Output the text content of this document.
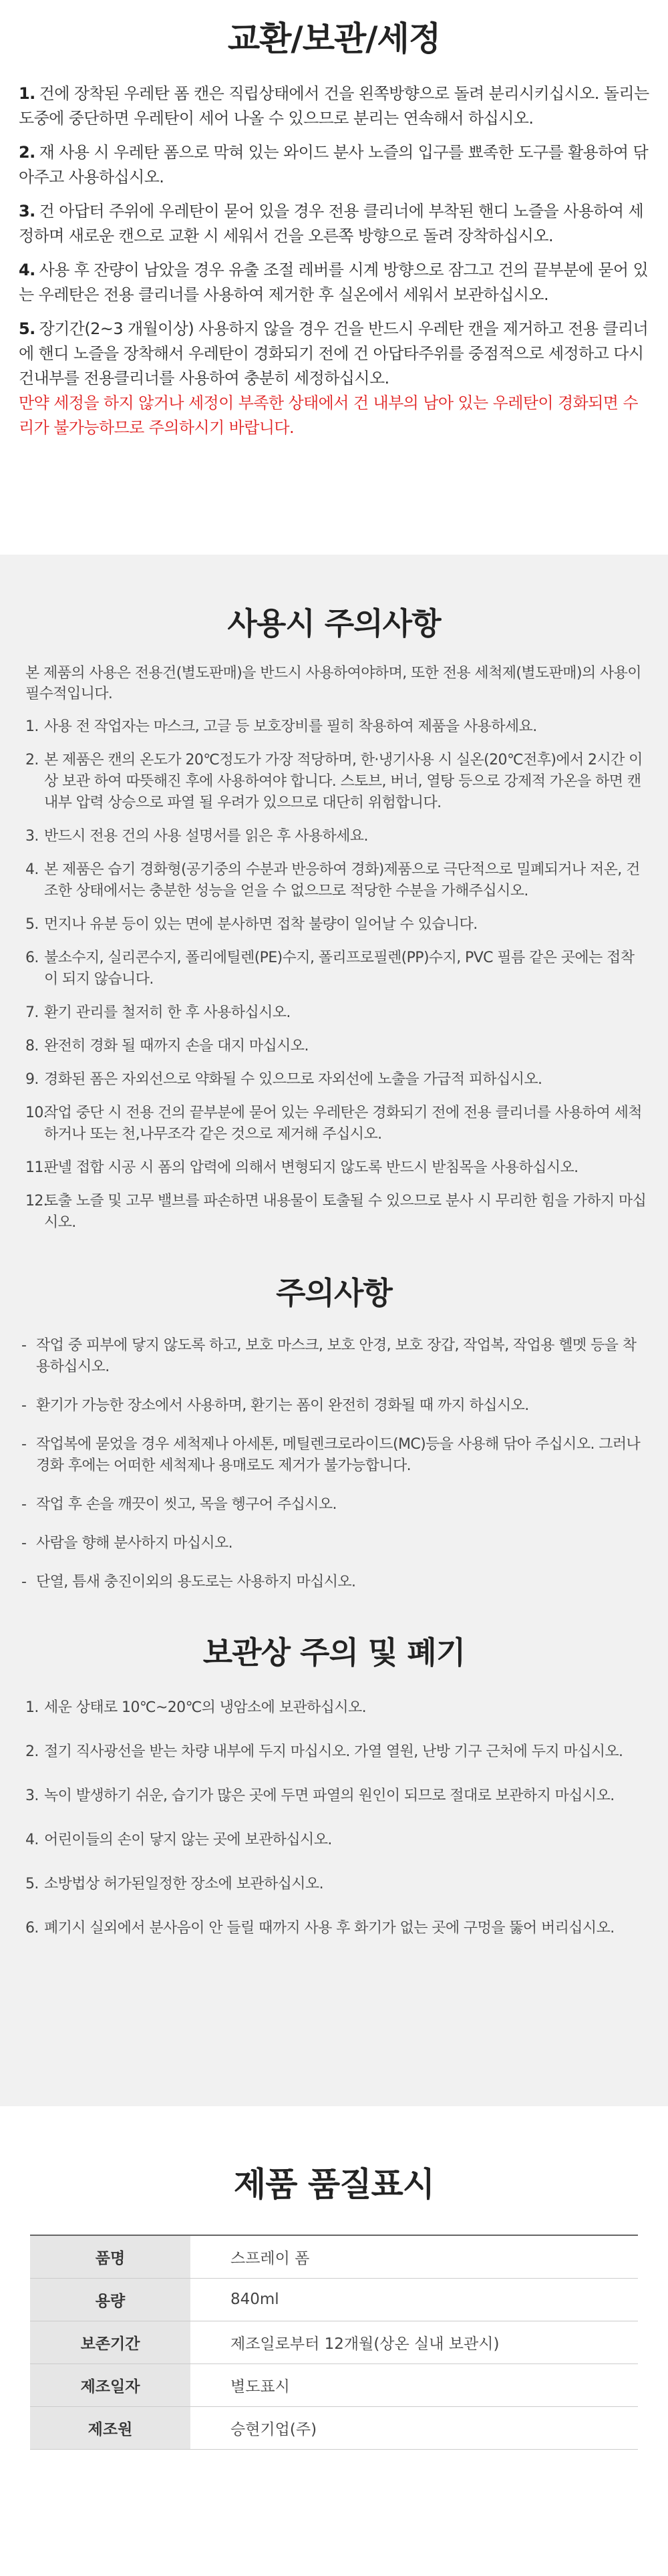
교환/보관/세정

1. 건에 장착된 우레탄 폼 캔은 직립상태에서 건을 왼쪽방향으로 돌려 분리시키십시오. 돌리는 도중에 중단하면 우레탄이 세어 나올 수 있으므로 분리는 연속해서 하십시오.

2. 재 사용 시 우레탄 폼으로 막혀 있는 와이드 분사 노즐의 입구를 뾰족한 도구를 활용하여 닦아주고 사용하십시오.

3. 건 아답터 주위에 우레탄이 묻어 있을 경우 전용 클리너에 부착된 핸디 노즐을 사용하여 세정하며 새로운 캔으로 교환 시 세워서 건을 오른쪽 방향으로 돌려 장착하십시오.

4. 사용 후 잔량이 남았을 경우 유출 조절 레버를 시계 방향으로 잠그고 건의 끝부분에 묻어 있는 우레탄은 전용 클리너를 사용하여 제거한 후 실온에서 세워서 보관하십시오.

5. 장기간(2~3 개월이상) 사용하지 않을 경우 건을 반드시 우레탄 캔을 제거하고 전용 클리너에 핸디 노즐을 장착해서 우레탄이 경화되기 전에 건 아답타주위를 중점적으로 세정하고 다시 건내부를 전용클리너를 사용하여 충분히 세정하십시오.

만약 세정을 하지 않거나 세정이 부족한 상태에서 건 내부의 남아 있는 우레탄이 경화되면 수리가 불가능하므로 주의하시기 바랍니다.

사용시 주의사항

본 제품의 사용은 전용건(별도판매)을 반드시 사용하여야하며, 또한 전용 세척제(별도판매)의 사용이 필수적입니다.

1. 사용 전 작업자는 마스크, 고글 등 보호장비를 필히 착용하여 제품을 사용하세요.
2. 본 제품은 캔의 온도가 20℃정도가 가장 적당하며, 한·냉기사용 시 실온(20℃전후)에서 2시간 이상 보관 하여 따뜻해진 후에 사용하여야 합니다. 스토브, 버너, 열탕 등으로 강제적 가온을 하면 캔 내부 압력 상승으로 파열 될 우려가 있으므로 대단히 위험합니다.
3. 반드시 전용 건의 사용 설명서를 읽은 후 사용하세요.
4. 본 제품은 습기 경화형(공기중의 수분과 반응하여 경화)제품으로 극단적으로 밀폐되거나 저온, 건조한 상태에서는 충분한 성능을 얻을 수 없으므로 적당한 수분을 가해주십시오.
5. 먼지나 유분 등이 있는 면에 분사하면 접착 불량이 일어날 수 있습니다.
6. 불소수지, 실리콘수지, 폴리에틸렌(PE)수지, 폴리프로필렌(PP)수지, PVC 필름 같은 곳에는 접착이 되지 않습니다.
7. 환기 관리를 철저히 한 후 사용하십시오.
8. 완전히 경화 될 때까지 손을 대지 마십시오.
9. 경화된 폼은 자외선으로 약화될 수 있으므로 자외선에 노출을 가급적 피하십시오.
10.
작업 중단 시 전용 건의 끝부분에 묻어 있는 우레탄은 경화되기 전에 전용 클리너를 사용하여 세척하거나 또는 천,나무조각 같은 것으로 제거해 주십시오.
11.
판넬 접합 시공 시 폼의 압력에 의해서 변형되지 않도록 반드시 받침목을 사용하십시오.
12.
토출 노즐 및 고무 밸브를 파손하면 내용물이 토출될 수 있으므로 분사 시 무리한 힘을 가하지 마십시오.
주의사항
- 작업 중 피부에 닿지 않도록 하고, 보호 마스크, 보호 안경, 보호 장갑, 작업복, 작업용 헬멧 등을 착용하십시오.
- 환기가 가능한 장소에서 사용하며, 환기는 폼이 완전히 경화될 때 까지 하십시오.
- 작업복에 묻었을 경우 세척제나 아세톤, 메틸렌크로라이드(MC)등을 사용해 닦아 주십시오. 그러나 경화 후에는 어떠한 세척제나 용매로도 제거가 불가능합니다.
- 작업 후 손을 깨끗이 씻고, 목을 헹구어 주십시오.
- 사람을 향해 분사하지 마십시오.
- 단열, 틈새 충진이외의 용도로는 사용하지 마십시오.
보관상 주의 및 폐기
1. 세운 상태로 10℃~20℃의 냉암소에 보관하십시오.
2. 절기 직사광선을 받는 차량 내부에 두지 마십시오. 가열 열원, 난방 기구 근처에 두지 마십시오.
3. 녹이 발생하기 쉬운, 습기가 많은 곳에 두면 파열의 원인이 되므로 절대로 보관하지 마십시오.
4. 어린이들의 손이 닿지 않는 곳에 보관하십시오.
5. 소방법상 허가된일정한 장소에 보관하십시오.
6. 폐기시 실외에서 분사음이 안 들릴 때까지 사용 후 화기가 없는 곳에 구멍을 뚫어 버리십시오.
제품 품질표시
품명	스프레이 폼
용량	840ml
보존기간	제조일로부터 12개월(상온 실내 보관시)
제조일자	별도표시
제조원	승현기업(주)
